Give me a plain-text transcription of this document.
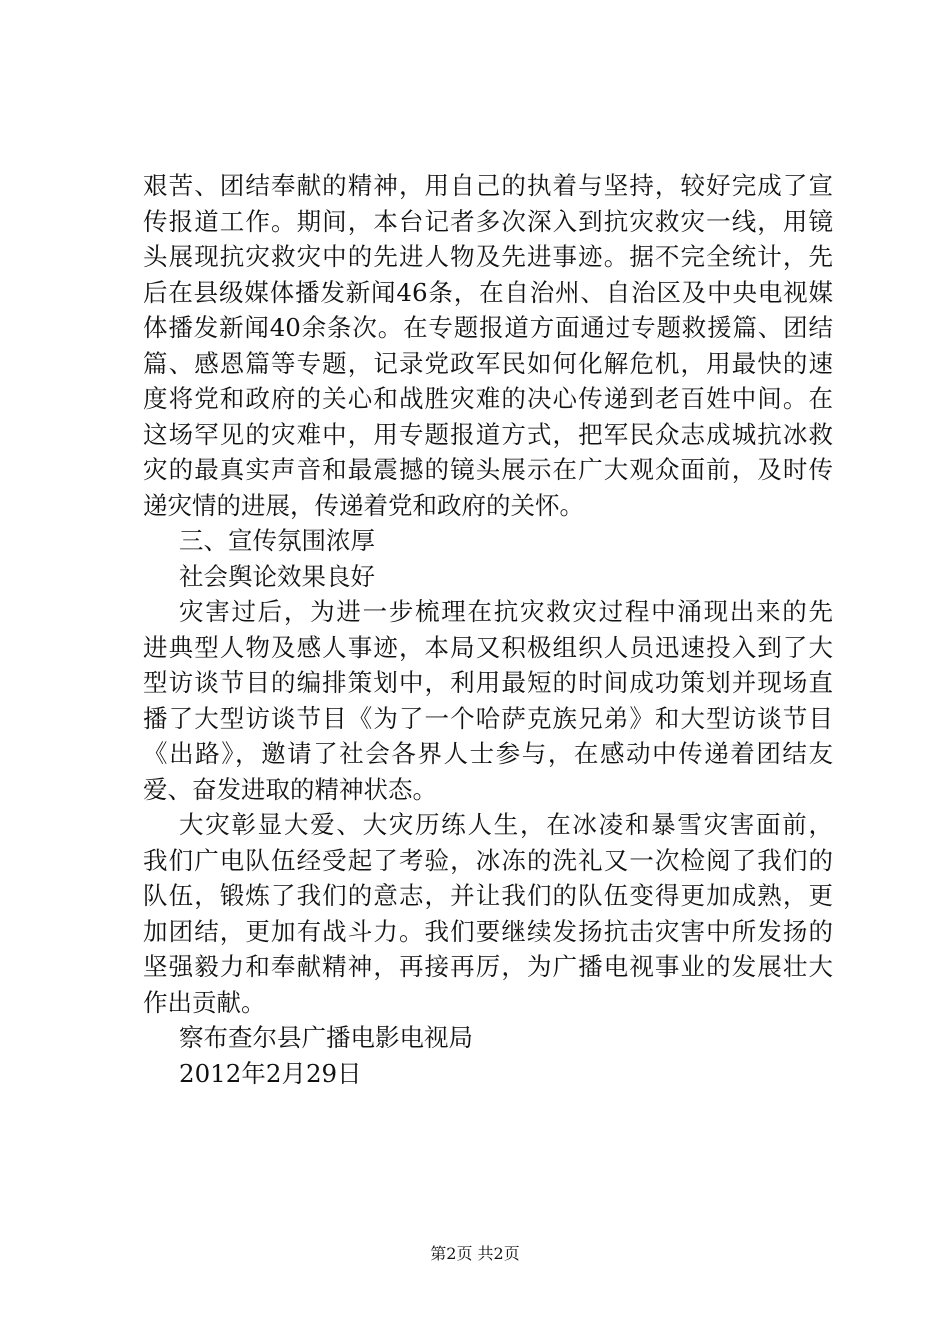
艰苦、团结奉献的精神，用自己的执着与坚持，较好完成了宣
传报道工作。期间，本台记者多次深入到抗灾救灾一线，用镜
头展现抗灾救灾中的先进人物及先进事迹。据不完全统计，先
后在县级媒体播发新闻46条，在自治州、自治区及中央电视媒
体播发新闻40余条次。在专题报道方面通过专题救援篇、团结
篇、感恩篇等专题，记录党政军民如何化解危机，用最快的速
度将党和政府的关心和战胜灾难的决心传递到老百姓中间。在
这场罕见的灾难中，用专题报道方式，把军民众志成城抗冰救
灾的最真实声音和最震撼的镜头展示在广大观众面前，及时传
递灾情的进展，传递着党和政府的关怀。
三、宣传氛围浓厚
社会舆论效果良好
灾害过后，为进一步梳理在抗灾救灾过程中涌现出来的先
进典型人物及感人事迹，本局又积极组织人员迅速投入到了大
型访谈节目的编排策划中，利用最短的时间成功策划并现场直
播了大型访谈节目《为了一个哈萨克族兄弟》和大型访谈节目
《出路》，邀请了社会各界人士参与，在感动中传递着团结友
爱、奋发进取的精神状态。
大灾彰显大爱、大灾历练人生，在冰凌和暴雪灾害面前，
我们广电队伍经受起了考验，冰冻的洗礼又一次检阅了我们的
队伍，锻炼了我们的意志，并让我们的队伍变得更加成熟，更
加团结，更加有战斗力。我们要继续发扬抗击灾害中所发扬的
坚强毅力和奉献精神，再接再厉，为广播电视事业的发展壮大
作出贡献。
察布查尔县广播电影电视局
2012年2月29日
第2页 共2页
